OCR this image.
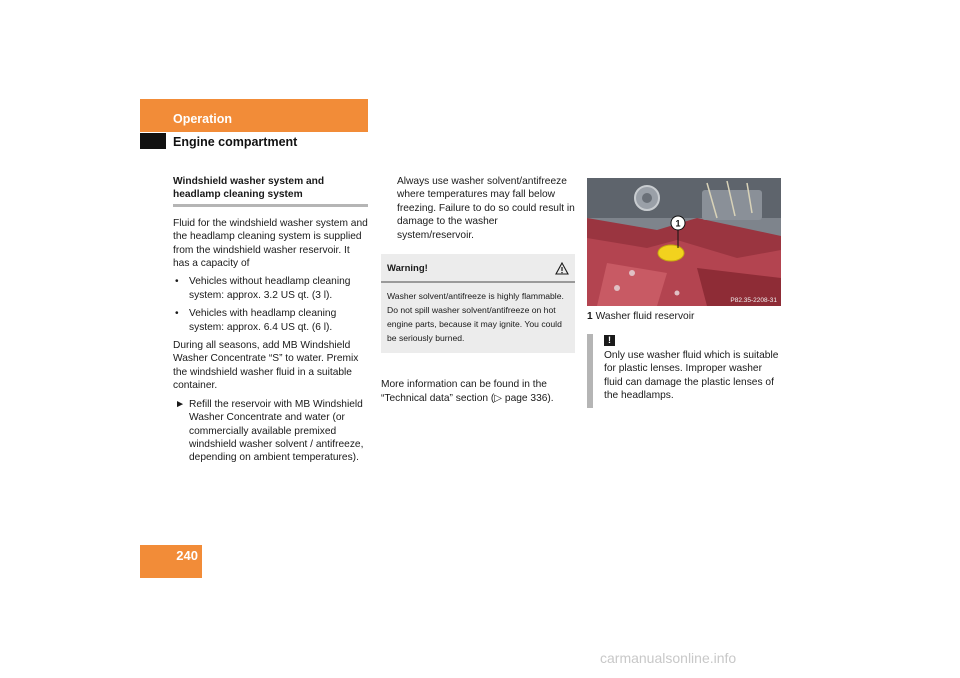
Operation
Engine compartment
Windshield washer system and headlamp cleaning system

Fluid for the windshield washer system and the headlamp cleaning system is supplied from the windshield washer reservoir. It has a capacity of

• Vehicles without headlamp cleaning system: approx. 3.2 US qt. (3 l).
• Vehicles with headlamp cleaning system: approx. 6.4 US qt. (6 l).

During all seasons, add MB Windshield Washer Concentrate “S” to water. Premix the windshield washer fluid in a suitable container.

► Refill the reservoir with MB Windshield Washer Concentrate and water (or commercially available premixed windshield washer solvent / antifreeze, depending on ambient temperatures).
Always use washer solvent/antifreeze where temperatures may fall below freezing. Failure to do so could result in damage to the washer system/reservoir.
Warning!
Washer solvent/antifreeze is highly flammable. Do not spill washer solvent/antifreeze on hot engine parts, because it may ignite. You could be seriously burned.
More information can be found in the “Technical data” section (▷ page 336).
1
P82.35-2208-31
1 Washer fluid reservoir
!
Only use washer fluid which is suitable for plastic lenses. Improper washer fluid can damage the plastic lenses of the headlamps.
240
carmanualsonline.info
